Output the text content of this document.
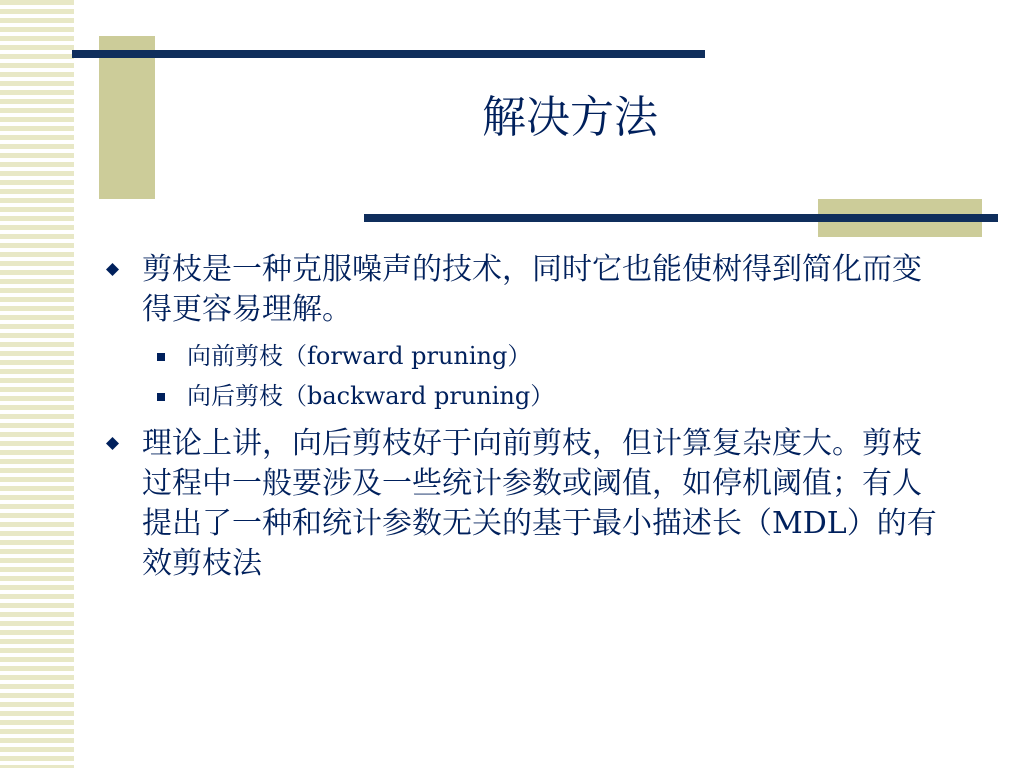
解决方法
剪枝是一种克服噪声的技术，同时它也能使树得到简化而变得更容易理解。
向前剪枝（forward pruning）
向后剪枝（backward pruning）
理论上讲，向后剪枝好于向前剪枝，但计算复杂度大。剪枝过程中一般要涉及一些统计参数或阈值，如停机阈值；有人提出了一种和统计参数无关的基于最小描述长（MDL）的有效剪枝法
